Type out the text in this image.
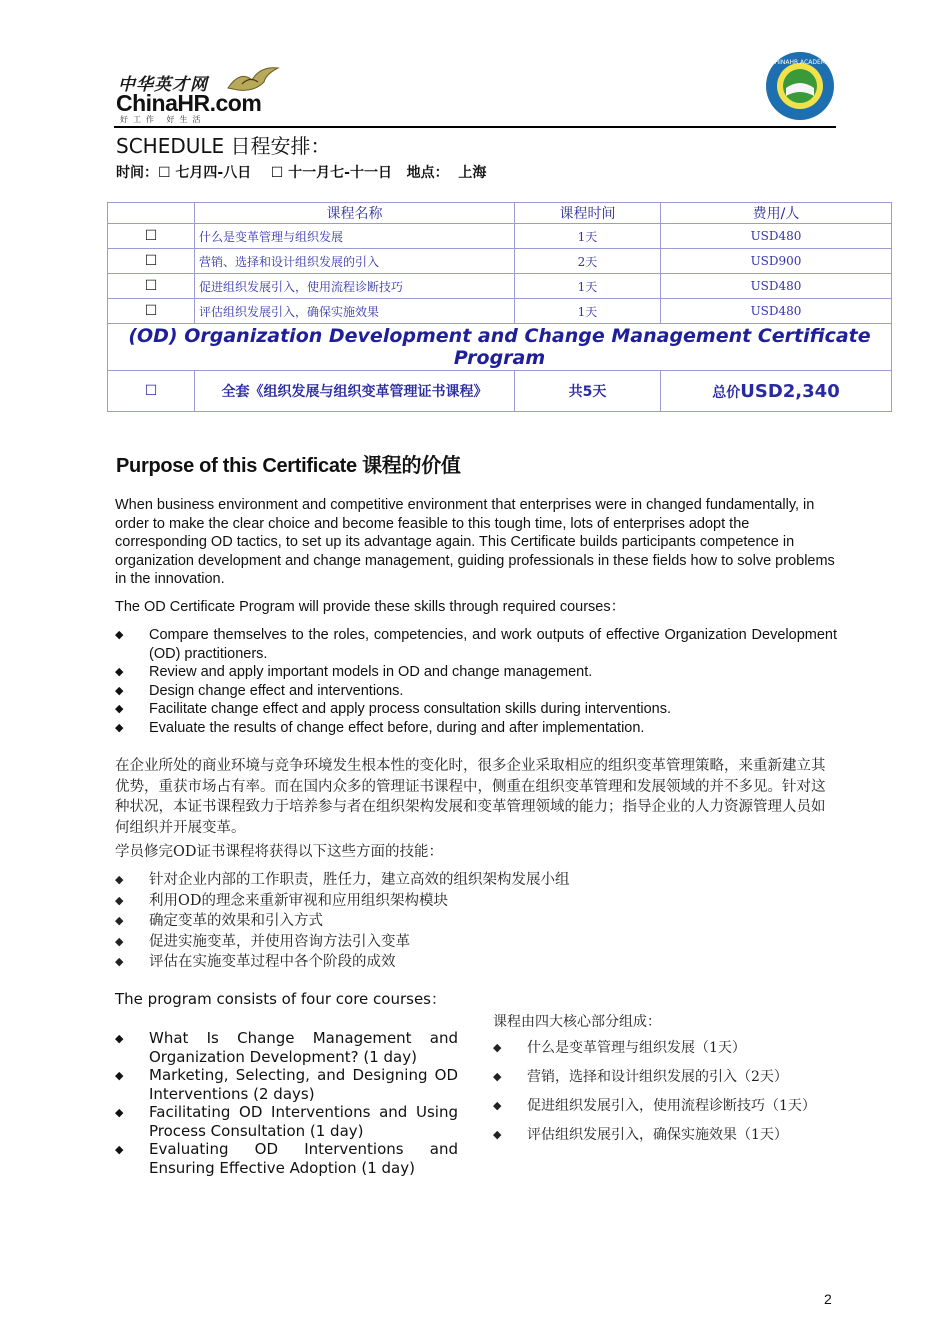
中华英才网
ChinaHR.com
好工作 好生活
CHINAHR ACADEMY
SCHEDULE 日程安排：
时间：☐ 七月四-八日    ☐ 十一月七-十一日   地点：  上海
	课程名称	课程时间	费用/人
☐	什么是变革管理与组织发展	1天	USD480
☐	营销、选择和设计组织发展的引入	2天	USD900
☐	促进组织发展引入，使用流程诊断技巧	1天	USD480
☐	评估组织发展引入，确保实施效果	1天	USD480
(OD) Organization Development and Change Management Certificate Program			
☐	全套《组织发展与组织变革管理证书课程》	共5天	总价USD2,340
Purpose of this Certificate 课程的价值
When business environment and competitive environment that enterprises were in changed fundamentally, in order to make the clear choice and become feasible to this tough time, lots of enterprises adopt the corresponding OD tactics, to set up its advantage again. This Certificate builds participants competence in organization development and change management, guiding professionals in these fields how to solve problems in the innovation.
The OD Certificate Program will provide these skills through required courses：
◆ Compare themselves to the roles, competencies, and work outputs of effective Organization Development (OD) practitioners.
◆ Review and apply important models in OD and change management.
◆ Design change effect and interventions.
◆ Facilitate change effect and apply process consultation skills during interventions.
◆ Evaluate the results of change effect before, during and after implementation.
在企业所处的商业环境与竞争环境发生根本性的变化时，很多企业采取相应的组织变革管理策略，来重新建立其优势，重获市场占有率。而在国内众多的管理证书课程中，侧重在组织变革管理和发展领域的并不多见。针对这种状况，本证书课程致力于培养参与者在组织架构发展和变革管理领域的能力；指导企业的人力资源管理人员如何组织并开展变革。
学员修完OD证书课程将获得以下这些方面的技能：
◆ 针对企业内部的工作职责，胜任力，建立高效的组织架构发展小组
◆ 利用OD的理念来重新审视和应用组织架构模块
◆ 确定变革的效果和引入方式
◆ 促进实施变革，并使用咨询方法引入变革
◆ 评估在实施变革过程中各个阶段的成效
The program consists of four core courses：
◆ What Is Change Management and Organization Development? (1 day)
◆ Marketing, Selecting, and Designing OD Interventions (2 days)
◆ Facilitating OD Interventions and Using Process Consultation (1 day)
◆ Evaluating OD Interventions and Ensuring Effective Adoption (1 day)
课程由四大核心部分组成：
◆ 什么是变革管理与组织发展（1天）
◆ 营销，选择和设计组织发展的引入（2天）
◆ 促进组织发展引入，使用流程诊断技巧（1天）
◆ 评估组织发展引入，确保实施效果（1天）
2
